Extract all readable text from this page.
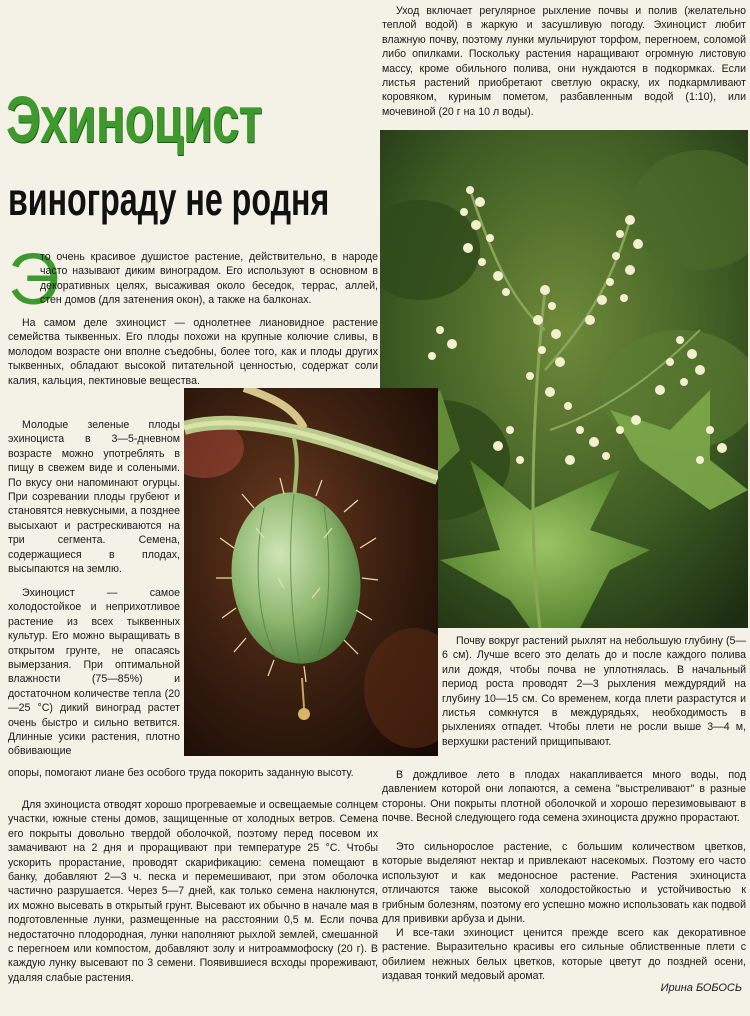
Эхиноцист
винограду не родня
Э
то очень красивое душистое растение, действительно, в народе часто называют диким виноградом. Его используют в основном в декоративных целях, высаживая около беседок, террас, аллей, стен домов (для затенения окон), а также на балконах.
На самом деле эхиноцист — однолетнее лиановидное растение семейства тыквенных. Его плоды похожи на крупные колючие сливы, в молодом возрасте они вполне съедобны, более того, как и плоды других тыквенных, обладают высокой питательной ценностью, содержат соли калия, кальция, пектиновые вещества.
Молодые зеленые плоды эхиноциста в 3—5-дневном возрасте можно употреблять в пищу в свежем виде и солеными. По вкусу они напоминают огурцы. При созревании плоды грубеют и становятся невкусными, а позднее высыхают и растрескиваются на три сегмента. Семена, содержащиеся в плодах, высыпаются на землю.
Эхиноцист — самое холодостойкое и неприхотливое растение из всех тыквенных культур. Его можно выращивать в открытом грунте, не опасаясь вымерзания. При оптимальной влажности (75—85%) и достаточном количестве тепла (20—25 °С) дикий виноград растет очень быстро и сильно ветвится. Длинные усики растения, плотно обвивающие
опоры, помогают лиане без особого труда покорить заданную высоту.
Для эхиноциста отводят хорошо прогреваемые и освещаемые солнцем участки, южные стены домов, защищенные от холодных ветров. Семена его покрыты довольно твердой оболочкой, поэтому перед посевом их замачивают на 2 дня и проращивают при температуре 25 °С. Чтобы ускорить прорастание, проводят скарификацию: семена помещают в банку, добавляют 2—3 ч. песка и перемешивают, при этом оболочка частично разрушается. Через 5—7 дней, как только семена наклюнутся, их можно высевать в открытый грунт. Высевают их обычно в начале мая в подготовленные лунки, размещенные на расстоянии 0,5 м. Если почва недостаточно плодородная, лунки наполняют рыхлой землей, смешанной с перегноем или компостом, добавляют золу и нитроаммофоску (20 г). В каждую лунку высевают по 3 семени. Появившиеся всходы прореживают, удаляя слабые растения.
Уход включает регулярное рыхление почвы и полив (желательно теплой водой) в жаркую и засушливую погоду. Эхиноцист любит влажную почву, поэтому лунки мульчируют торфом, перегноем, соломой либо опилками. Поскольку растения наращивают огромную листовую массу, кроме обильного полива, они нуждаются в подкормках. Если листья растений приобретают светлую окраску, их подкармливают коровяком, куриным пометом, разбавленным водой (1:10), или мочевиной (20 г на 10 л воды).
Почву вокруг растений рыхлят на небольшую глубину (5—6 см). Лучше всего это делать до и после каждого полива или дождя, чтобы почва не уплотнялась. В начальный период роста проводят 2—3 рыхления междурядий на глубину 10—15 см. Со временем, когда плети разрастутся и листья сомкнутся в междурядьях, необходимость в рыхлениях отпадет. Чтобы плети не росли выше 3—4 м, верхушки растений прищипывают.
В дождливое лето в плодах накапливается много воды, под давлением которой они лопаются, а семена "выстреливают" в разные стороны. Они покрыты плотной оболочкой и хорошо перезимовывают в почве. Весной следующего года семена эхиноциста дружно прорастают.
Это сильнорослое растение, с большим количеством цветков, которые выделяют нектар и привлекают насекомых. Поэтому его часто используют и как медоносное растение. Растения эхиноциста отличаются также высокой холодостойкостью и устойчивостью к грибным болезням, поэтому его успешно можно использовать как подвой для прививки арбуза и дыни.
И все-таки эхиноцист ценится прежде всего как декоративное растение. Выразительно красивы его сильные облиственные плети с обилием нежных белых цветков, которые цветут до поздней осени, издавая тонкий медовый аромат.
Ирина БОБОСЬ
